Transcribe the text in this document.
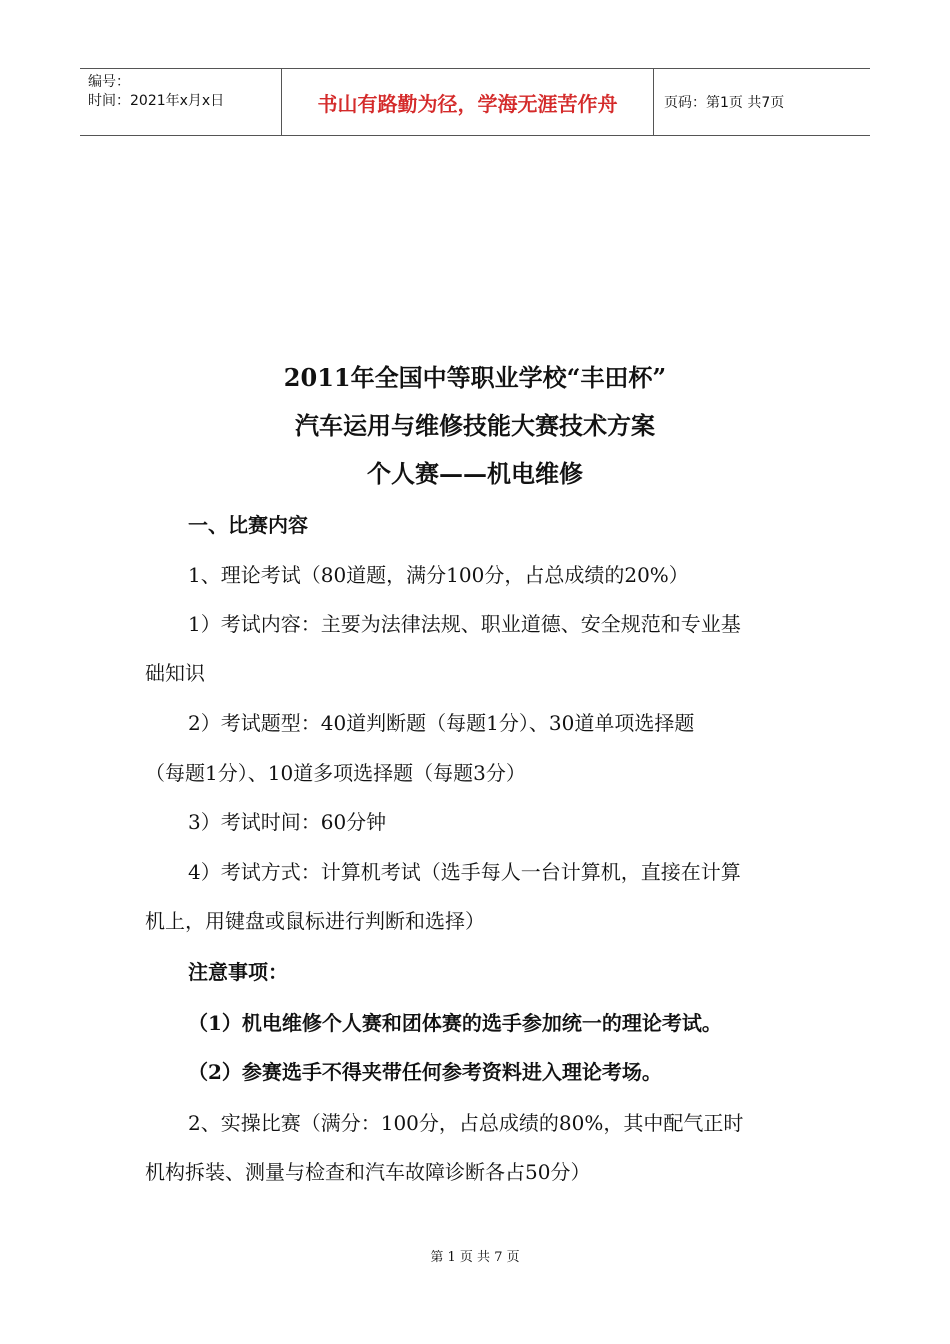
编号：
时间：2021年x月x日	书山有路勤为径，学海无涯苦作舟	页码：第1页 共7页
2011年全国中等职业学校“丰田杯”
汽车运用与维修技能大赛技术方案
个人赛——机电维修
一、比赛内容
1、理论考试（80道题，满分100分，占总成绩的20%）
1）考试内容：主要为法律法规、职业道德、安全规范和专业基
础知识
2）考试题型：40道判断题（每题1分）、30道单项选择题
（每题1分）、10道多项选择题（每题3分）
3）考试时间：60分钟
4）考试方式：计算机考试（选手每人一台计算机，直接在计算
机上，用键盘或鼠标进行判断和选择）
注意事项：
（1）机电维修个人赛和团体赛的选手参加统一的理论考试。
（2）参赛选手不得夹带任何参考资料进入理论考场。
2、实操比赛（满分：100分，占总成绩的80%，其中配气正时
机构拆装、测量与检查和汽车故障诊断各占50分）
第 1 页 共 7 页
